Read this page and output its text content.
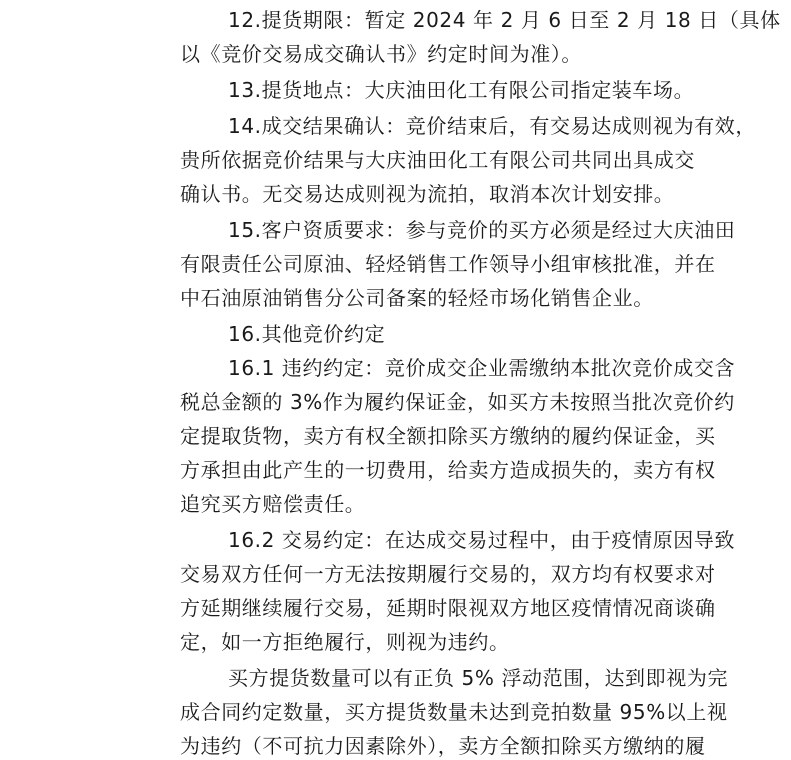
12.提货期限：暂定 2024 年 2 月 6 日至 2 月 18 日（具体
以《竞价交易成交确认书》约定时间为准）。
13.提货地点：大庆油田化工有限公司指定装车场。
14.成交结果确认：竞价结束后，有交易达成则视为有效，
贵所依据竞价结果与大庆油田化工有限公司共同出具成交
确认书。无交易达成则视为流拍，取消本次计划安排。
15.客户资质要求：参与竞价的买方必须是经过大庆油田
有限责任公司原油、轻烃销售工作领导小组审核批准，并在
中石油原油销售分公司备案的轻烃市场化销售企业。
16.其他竞价约定
16.1 违约约定：竞价成交企业需缴纳本批次竞价成交含
税总金额的 3%作为履约保证金，如买方未按照当批次竞价约
定提取货物，卖方有权全额扣除买方缴纳的履约保证金，买
方承担由此产生的一切费用，给卖方造成损失的，卖方有权
追究买方赔偿责任。
16.2 交易约定：在达成交易过程中，由于疫情原因导致
交易双方任何一方无法按期履行交易的，双方均有权要求对
方延期继续履行交易，延期时限视双方地区疫情情况商谈确
定，如一方拒绝履行，则视为违约。
买方提货数量可以有正负 5% 浮动范围，达到即视为完
成合同约定数量，买方提货数量未达到竞拍数量 95%以上视
为违约（不可抗力因素除外），卖方全额扣除买方缴纳的履
